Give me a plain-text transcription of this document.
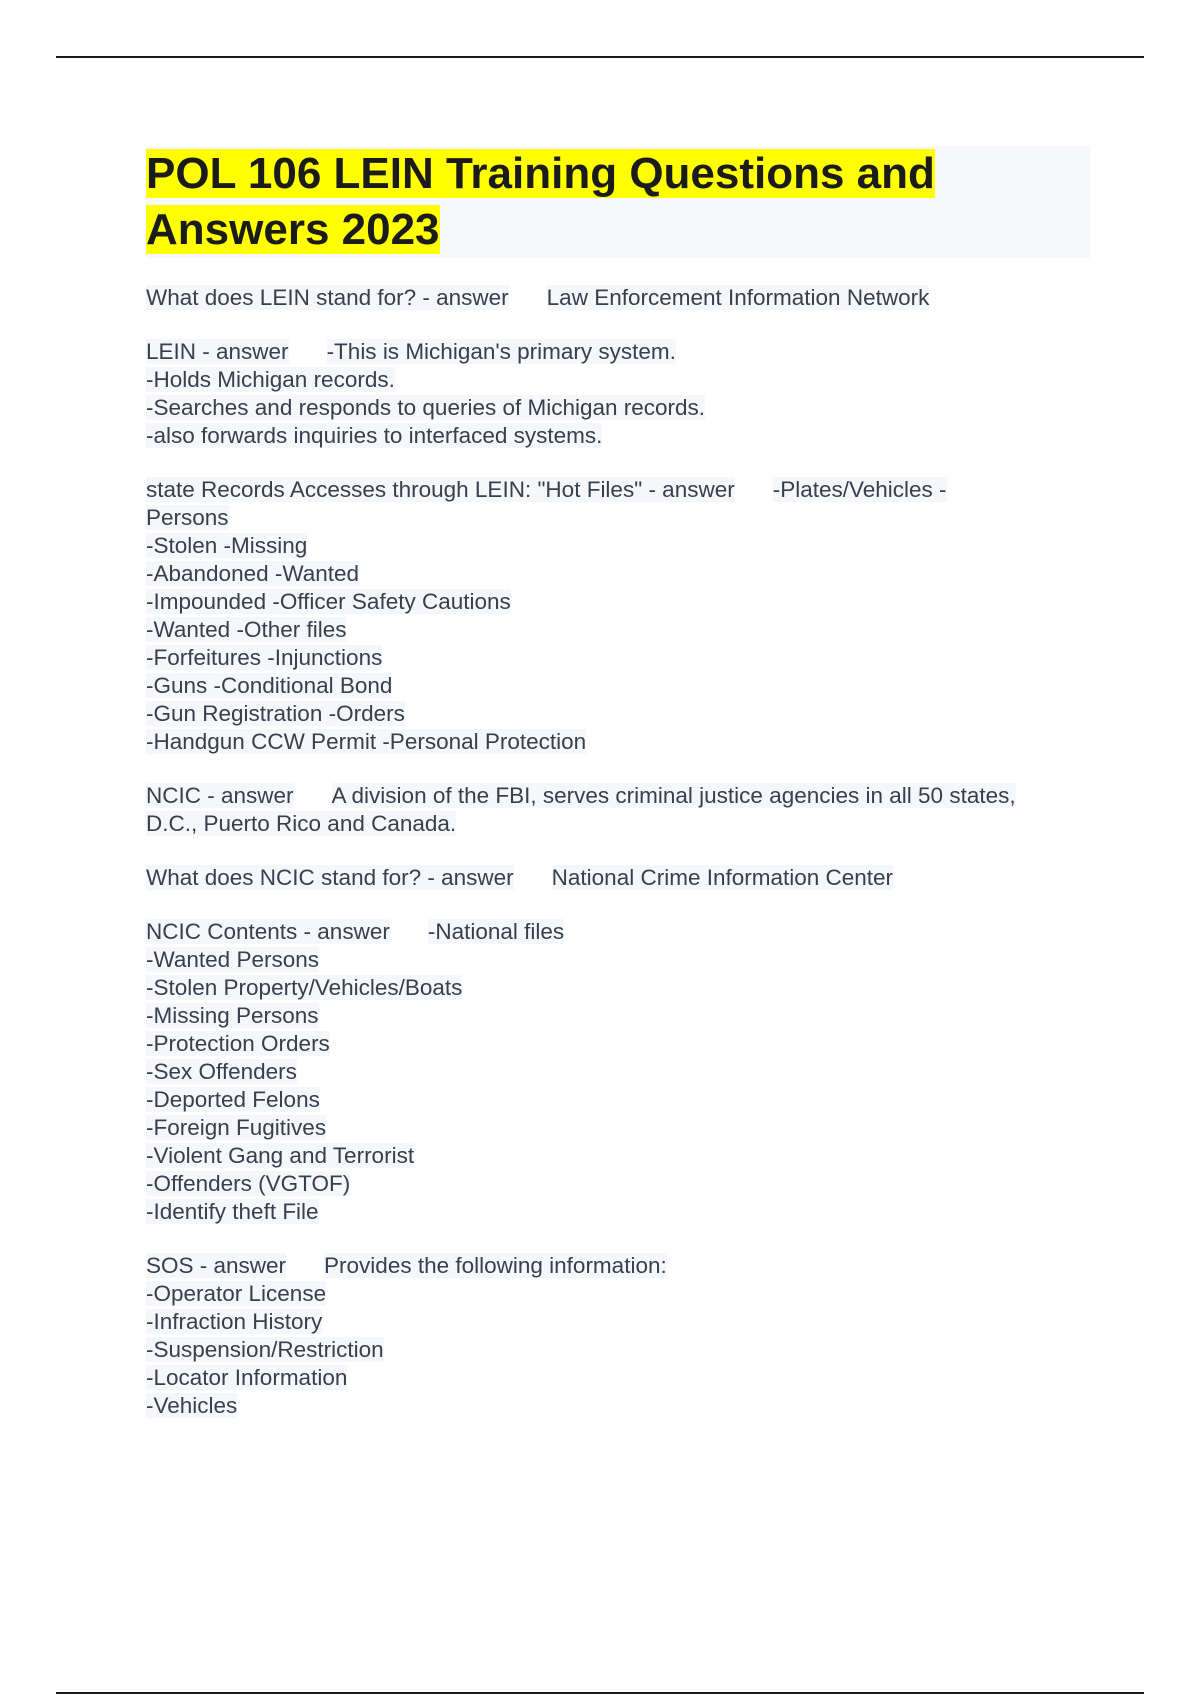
POL 106 LEIN Training Questions and Answers 2023
What does LEIN stand for? - answer Law Enforcement Information Network
LEIN - answer -This is Michigan's primary system.
-Holds Michigan records.
-Searches and responds to queries of Michigan records.
-also forwards inquiries to interfaced systems.
state Records Accesses through LEIN: "Hot Files" - answer -Plates/Vehicles -
Persons
-Stolen -Missing
-Abandoned -Wanted
-Impounded -Officer Safety Cautions
-Wanted -Other files
-Forfeitures -Injunctions
-Guns -Conditional Bond
-Gun Registration -Orders
-Handgun CCW Permit -Personal Protection
NCIC - answer A division of the FBI, serves criminal justice agencies in all 50 states,
D.C., Puerto Rico and Canada.
What does NCIC stand for? - answer National Crime Information Center
NCIC Contents - answer -National files
-Wanted Persons
-Stolen Property/Vehicles/Boats
-Missing Persons
-Protection Orders
-Sex Offenders
-Deported Felons
-Foreign Fugitives
-Violent Gang and Terrorist
-Offenders (VGTOF)
-Identify theft File
SOS - answer Provides the following information:
-Operator License
-Infraction History
-Suspension/Restriction
-Locator Information
-Vehicles
